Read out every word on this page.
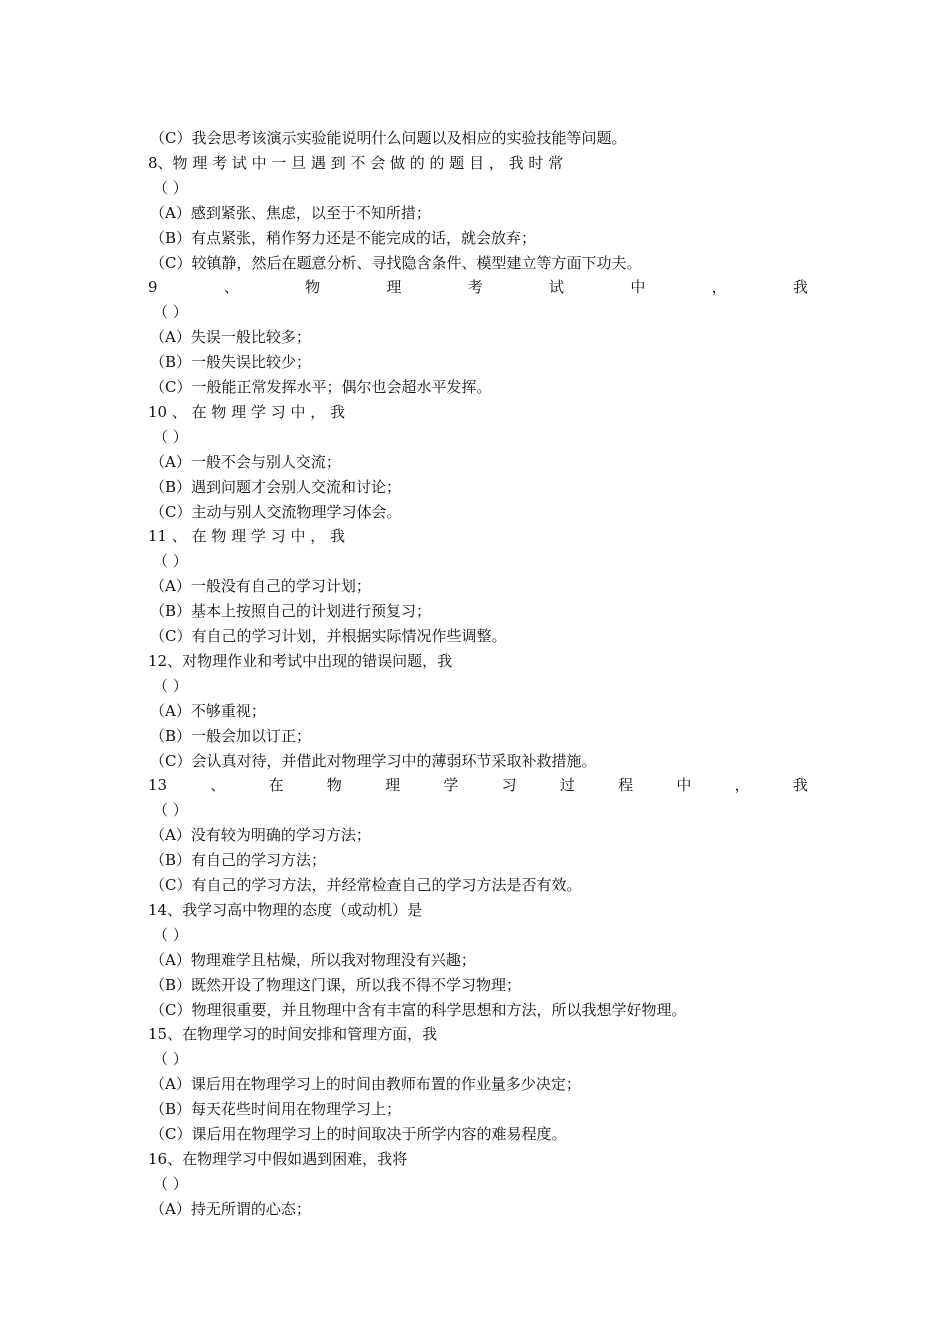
（C）我会思考该演示实验能说明什么问题以及相应的实验技能等问题。
8、物 理 考 试 中 一 旦 遇 到 不 会 做 的 的 题 目 ， 我 时 常
（ ）
（A）感到紧张、焦虑，以至于不知所措；
（B）有点紧张，稍作努力还是不能完成的话，就会放弃；
（C）较镇静，然后在题意分析、寻找隐含条件、模型建立等方面下功夫。
9	、	物	理	考	试	中	，	我
（ ）
（A）失误一般比较多；
（B）一般失误比较少；
（C）一般能正常发挥水平；偶尔也会超水平发挥。
10 、 在 物 理 学 习 中 ， 我
（ ）
（A）一般不会与别人交流；
（B）遇到问题才会别人交流和讨论；
（C）主动与别人交流物理学习体会。
11 、 在 物 理 学 习 中 ， 我
（ ）
（A）一般没有自己的学习计划；
（B）基本上按照自己的计划进行预复习；
（C）有自己的学习计划，并根据实际情况作些调整。
12、对物理作业和考试中出现的错误问题，我
（ ）
（A）不够重视；
（B）一般会加以订正；
（C）会认真对待，并借此对物理学习中的薄弱环节采取补救措施。
13	、	在	物	理	学	习	过	程	中	，	我
（ ）
（A）没有较为明确的学习方法；
（B）有自己的学习方法；
（C）有自己的学习方法，并经常检查自己的学习方法是否有效。
14、我学习高中物理的态度（或动机）是
（ ）
（A）物理难学且枯燥，所以我对物理没有兴趣；
（B）既然开设了物理这门课，所以我不得不学习物理；
（C）物理很重要，并且物理中含有丰富的科学思想和方法，所以我想学好物理。
15、在物理学习的时间安排和管理方面，我
（ ）
（A）课后用在物理学习上的时间由教师布置的作业量多少决定；
（B）每天花些时间用在物理学习上；
（C）课后用在物理学习上的时间取决于所学内容的难易程度。
16、在物理学习中假如遇到困难，我将
（ ）
（A）持无所谓的心态；
